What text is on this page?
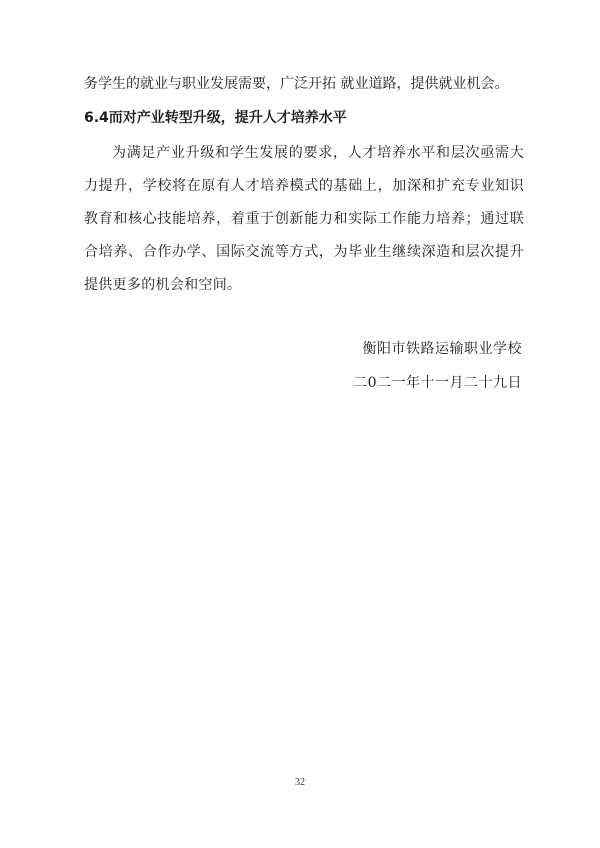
务学生的就业与职业发展需要，广泛开拓 就业道路，提供就业机会。
6.4而对产业转型升级，提升人才培养水平
为满足产业升级和学生发展的要求，人才培养水平和层次亟需大力提升，学校将在原有人才培养模式的基础上，加深和扩充专业知识 教育和核心技能培养，着重于创新能力和实际工作能力培养；通过联 合培养、合作办学、国际交流等方式，为毕业生继续深造和层次提升 提供更多的机会和空间。
衡阳市铁路运输职业学校
二0二一年十一月二十九日
32
